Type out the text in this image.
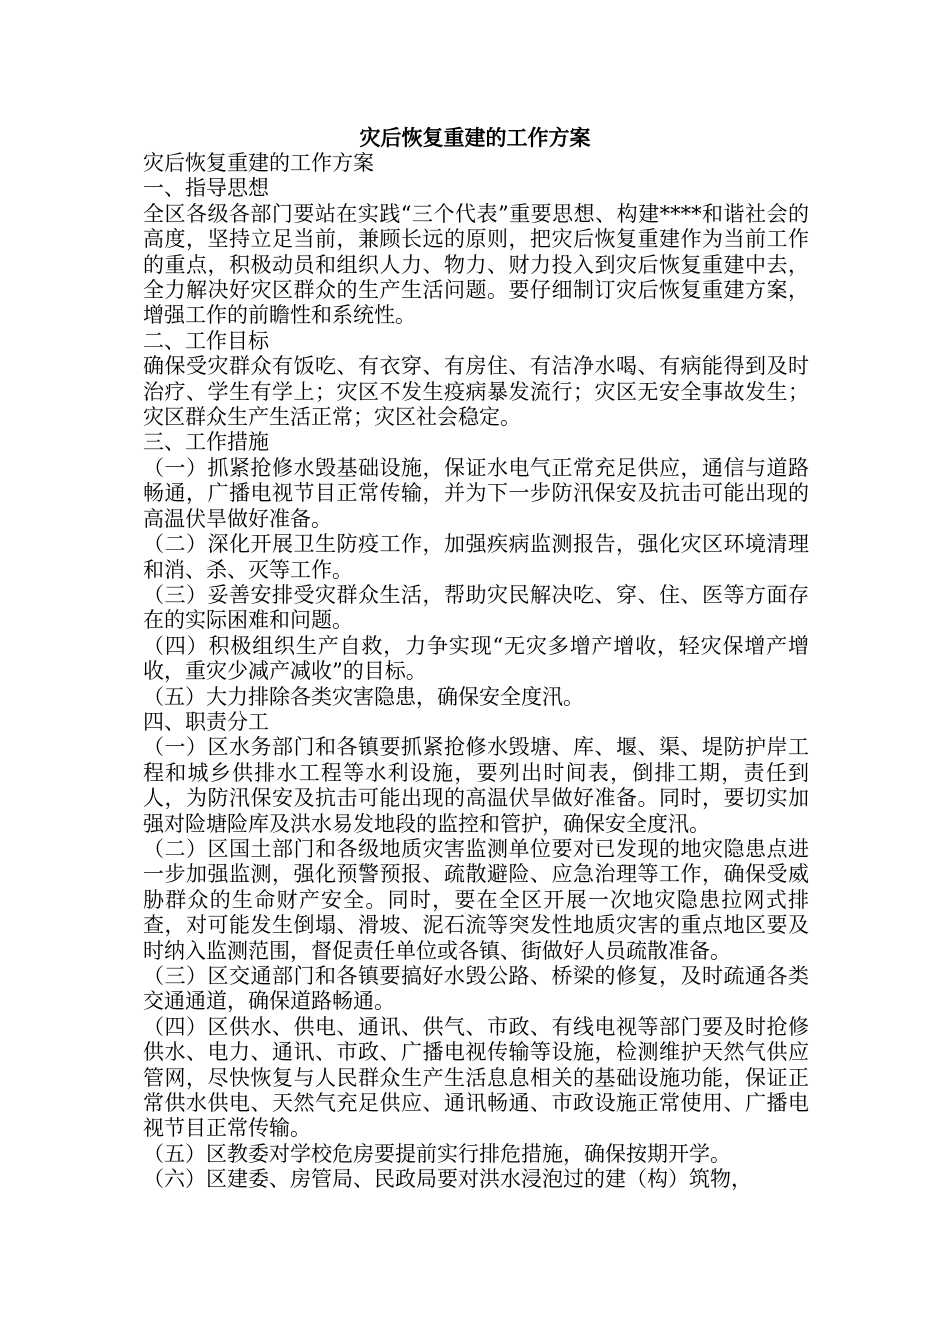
灾后恢复重建的工作方案

灾后恢复重建的工作方案

一、指导思想

全区各级各部门要站在实践“三个代表”重要思想、构建****和谐社会的高度，坚持立足当前，兼顾长远的原则，把灾后恢复重建作为当前工作的重点，积极动员和组织人力、物力、财力投入到灾后恢复重建中去，全力解决好灾区群众的生产生活问题。要仔细制订灾后恢复重建方案，增强工作的前瞻性和系统性。

二、工作目标

确保受灾群众有饭吃、有衣穿、有房住、有洁净水喝、有病能得到及时治疗、学生有学上；灾区不发生疫病暴发流行；灾区无安全事故发生；灾区群众生产生活正常；灾区社会稳定。

三、工作措施

（一）抓紧抢修水毁基础设施，保证水电气正常充足供应，通信与道路畅通，广播电视节目正常传输，并为下一步防汛保安及抗击可能出现的高温伏旱做好准备。

（二）深化开展卫生防疫工作，加强疾病监测报告，强化灾区环境清理和消、杀、灭等工作。

（三）妥善安排受灾群众生活，帮助灾民解决吃、穿、住、医等方面存在的实际困难和问题。

（四）积极组织生产自救，力争实现“无灾多增产增收，轻灾保增产增收，重灾少减产减收”的目标。

（五）大力排除各类灾害隐患，确保安全度汛。

四、职责分工

（一）区水务部门和各镇要抓紧抢修水毁塘、库、堰、渠、堤防护岸工程和城乡供排水工程等水利设施，要列出时间表，倒排工期，责任到人，为防汛保安及抗击可能出现的高温伏旱做好准备。同时，要切实加强对险塘险库及洪水易发地段的监控和管护，确保安全度汛。

（二）区国土部门和各级地质灾害监测单位要对已发现的地灾隐患点进一步加强监测，强化预警预报、疏散避险、应急治理等工作，确保受威胁群众的生命财产安全。同时，要在全区开展一次地灾隐患拉网式排查，对可能发生倒塌、滑坡、泥石流等突发性地质灾害的重点地区要及时纳入监测范围，督促责任单位或各镇、街做好人员疏散准备。

（三）区交通部门和各镇要搞好水毁公路、桥梁的修复，及时疏通各类交通通道，确保道路畅通。

（四）区供水、供电、通讯、供气、市政、有线电视等部门要及时抢修供水、电力、通讯、市政、广播电视传输等设施，检测维护天然气供应管网，尽快恢复与人民群众生产生活息息相关的基础设施功能，保证正常供水供电、天然气充足供应、通讯畅通、市政设施正常使用、广播电视节目正常传输。

（五）区教委对学校危房要提前实行排危措施，确保按期开学。

（六）区建委、房管局、民政局要对洪水浸泡过的建（构）筑物，
